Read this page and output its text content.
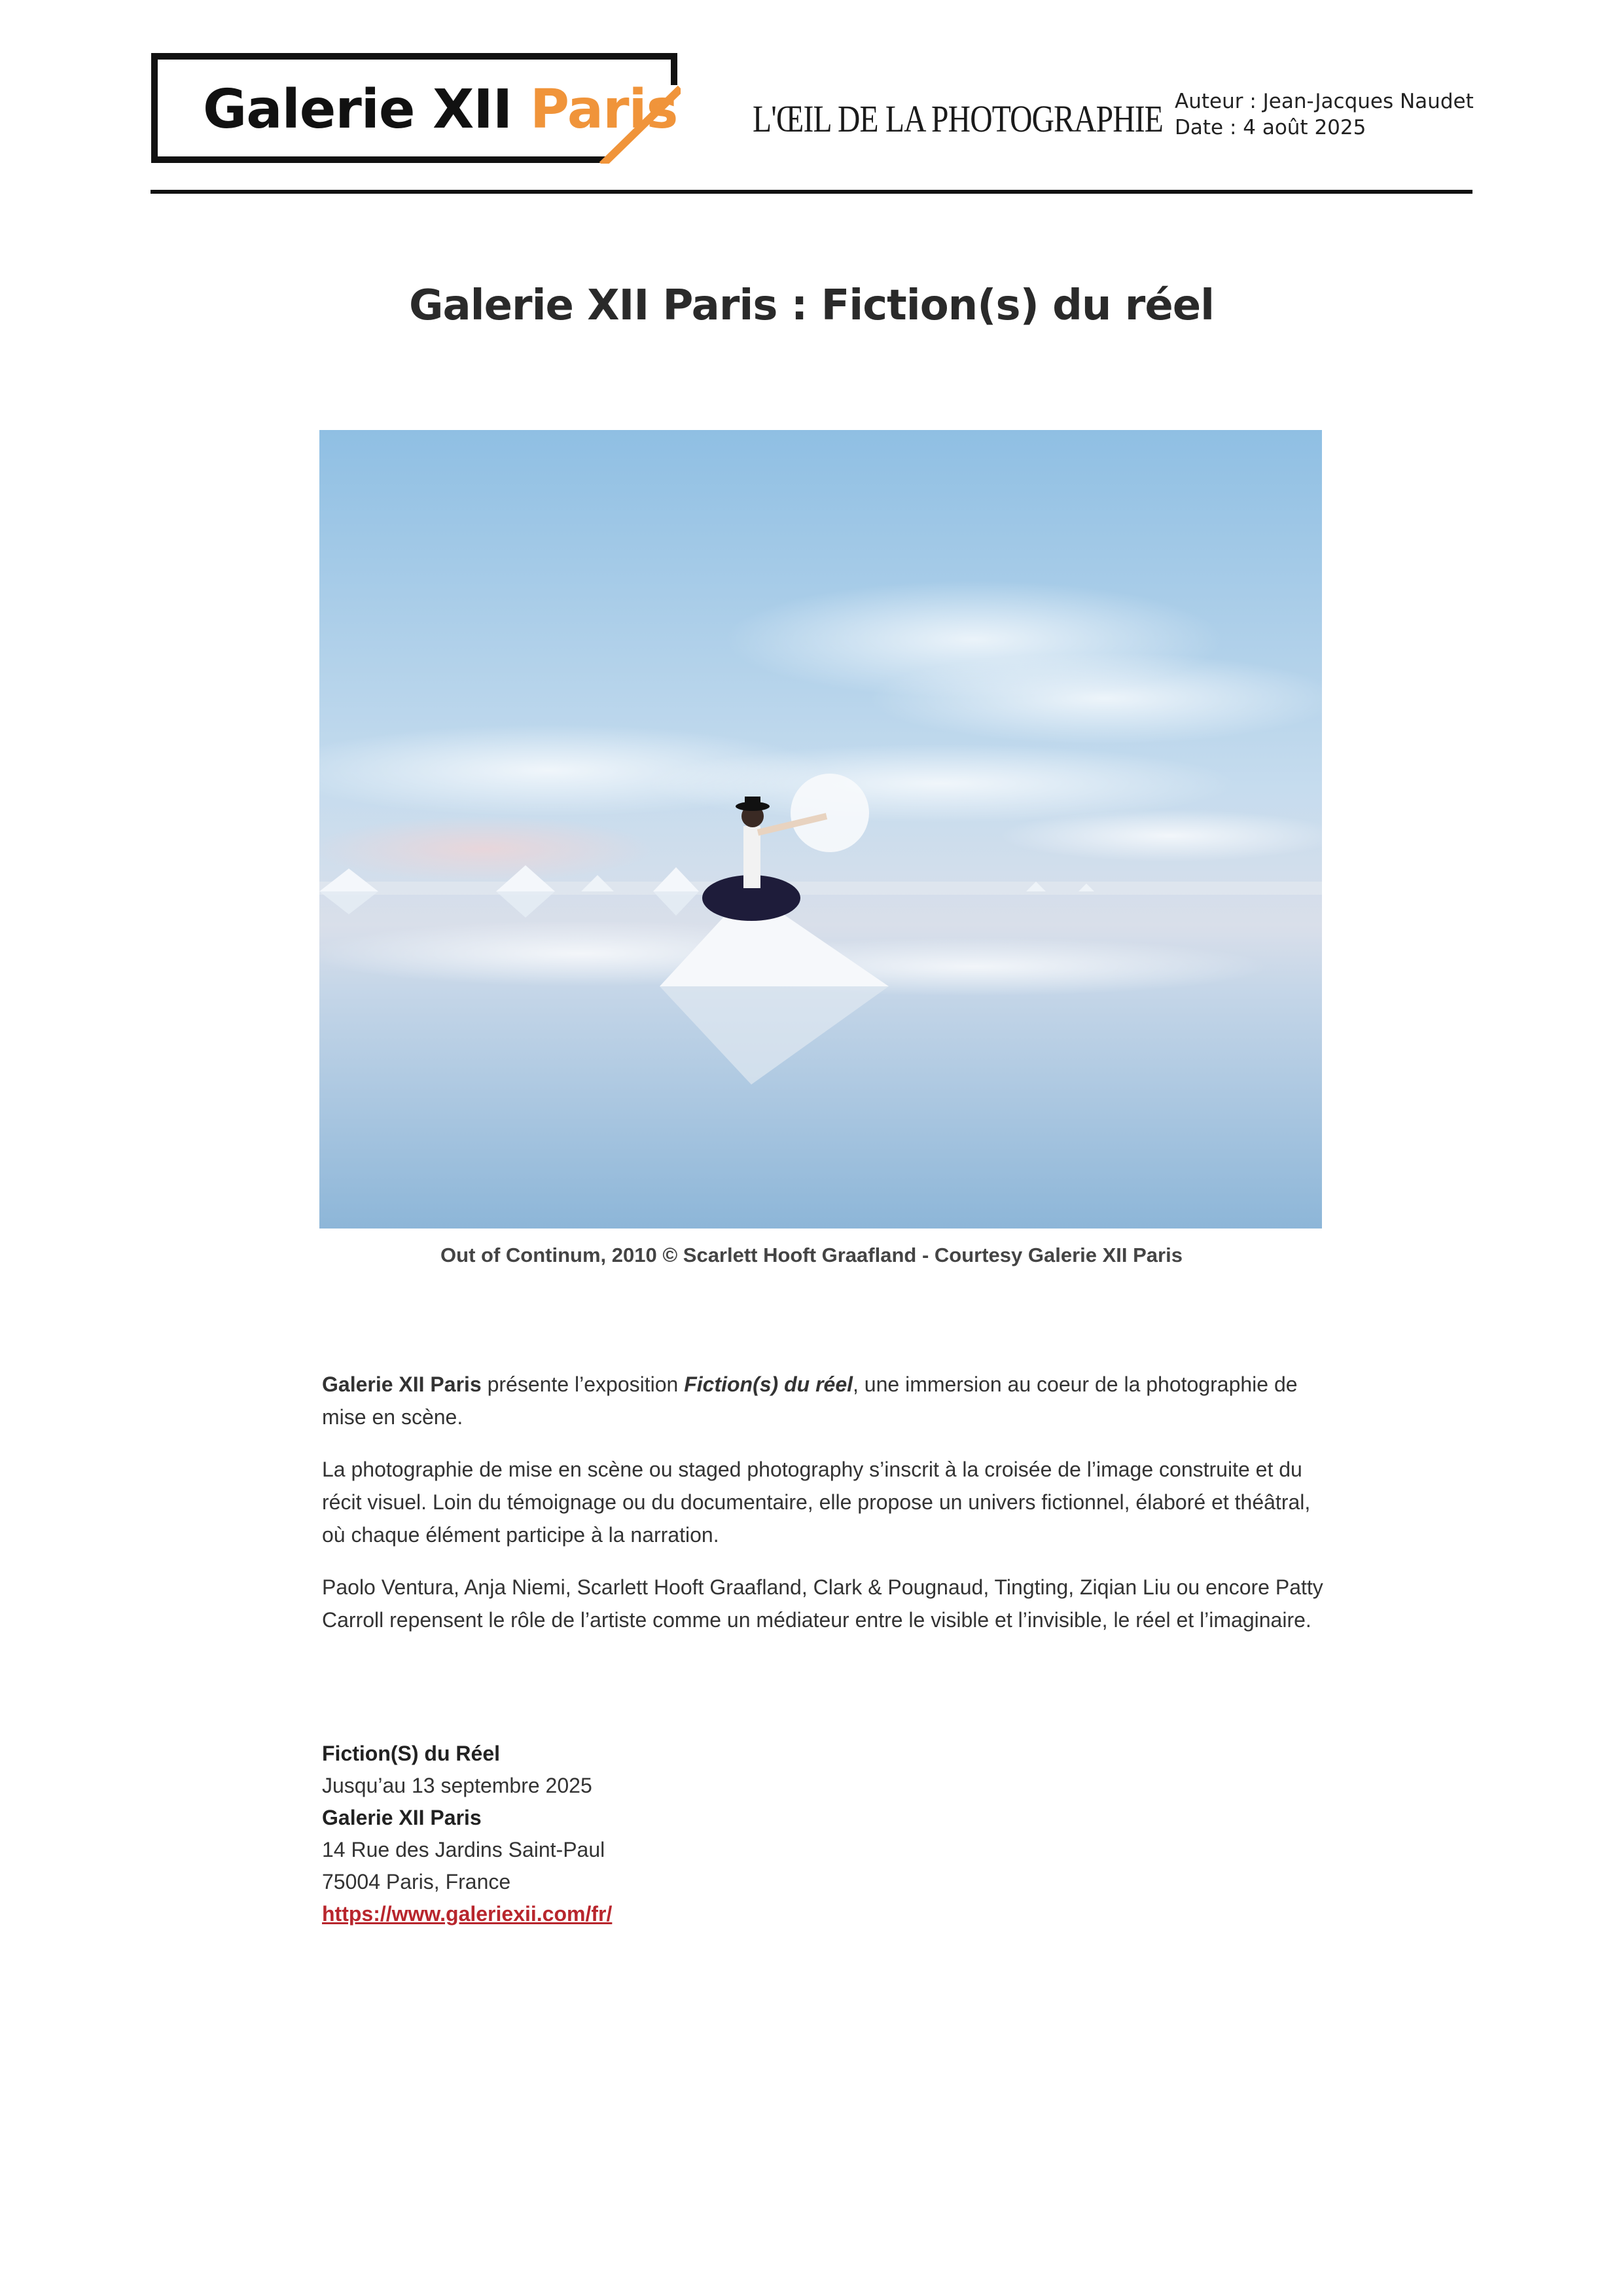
Galerie XII Paris L'ŒIL DE LA PHOTOGRAPHIE Auteur : Jean-Jacques Naudet
Date : 4 août 2025
Galerie XII Paris : Fiction(s) du réel
Out of Continum, 2010 © Scarlett Hooft Graafland - Courtesy Galerie XII Paris

Galerie XII Paris présente l’exposition Fiction(s) du réel, une immersion au coeur de la photographie de mise en scène.

La photographie de mise en scène ou staged photography s’inscrit à la croisée de l’image construite et du récit visuel. Loin du témoignage ou du documentaire, elle propose un univers fictionnel, élaboré et théâtral, où chaque élément participe à la narration.

Paolo Ventura, Anja Niemi, Scarlett Hooft Graafland, Clark & Pougnaud, Tingting, Ziqian Liu ou encore Patty Carroll repensent le rôle de l’artiste comme un médiateur entre le visible et l’invisible, le réel et l’imaginaire.

Fiction(S) du Réel
Jusqu’au 13 septembre 2025
Galerie XII Paris
14 Rue des Jardins Saint-Paul
75004 Paris, France
https://www.galeriexii.com/fr/
